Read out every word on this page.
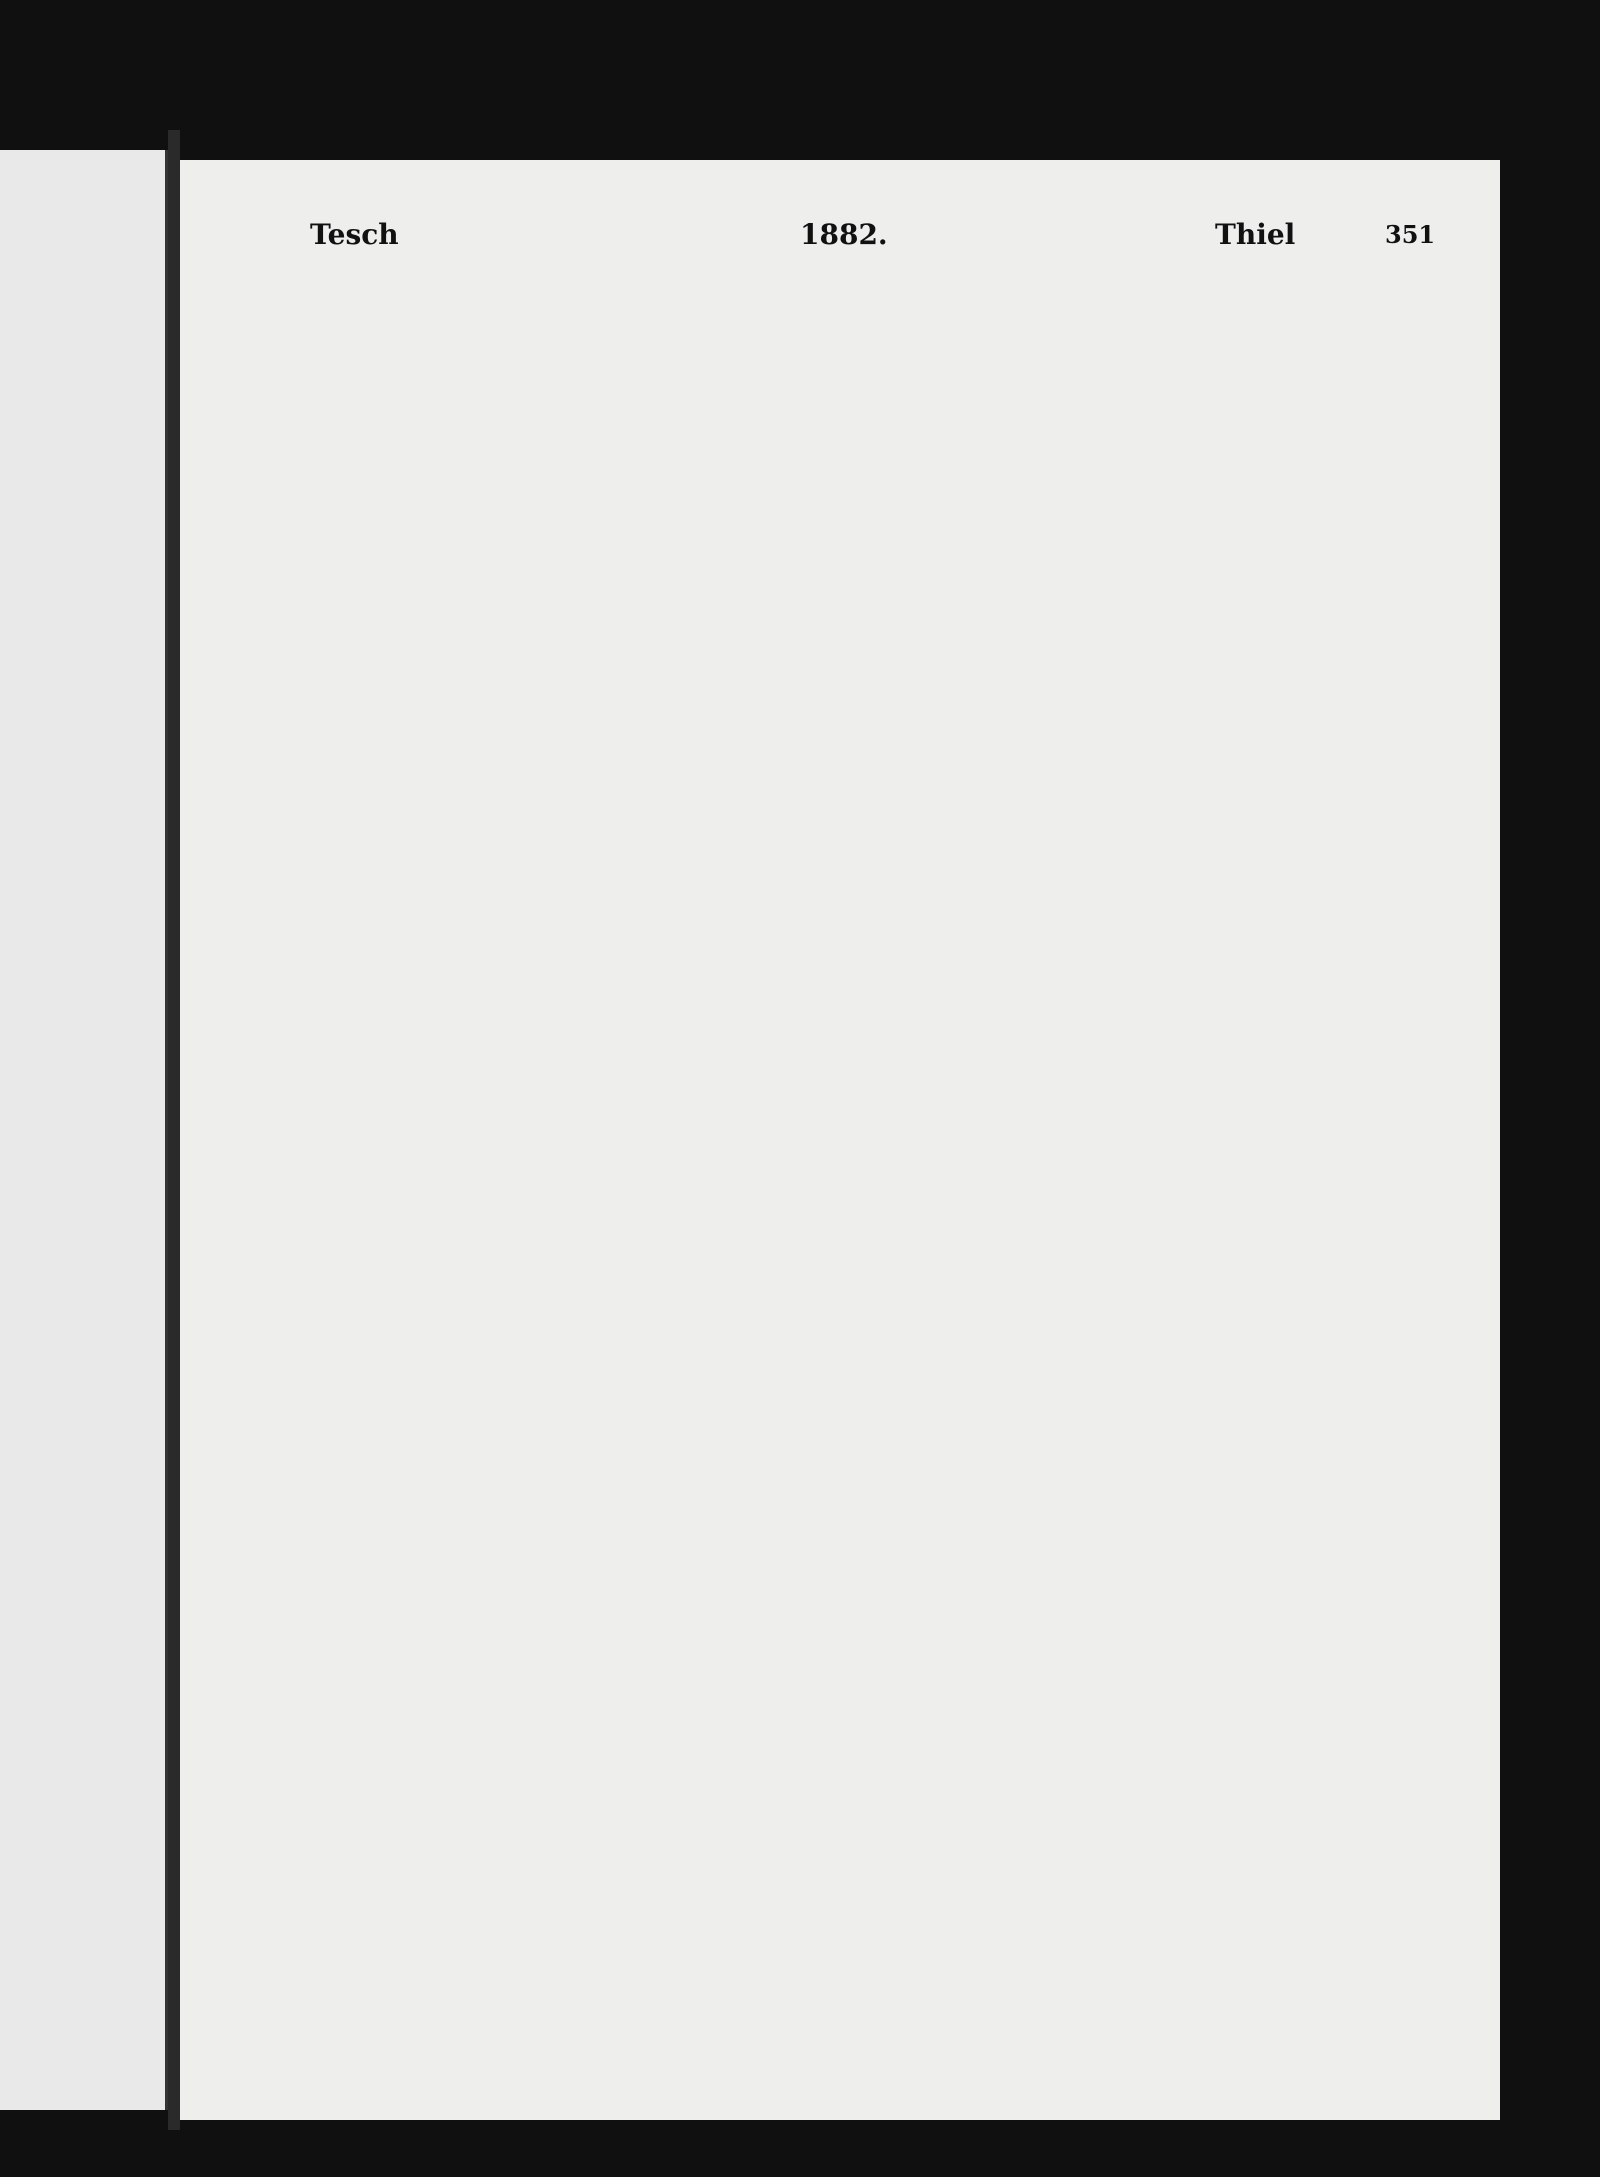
Tesch	1882.	Thiel	351
